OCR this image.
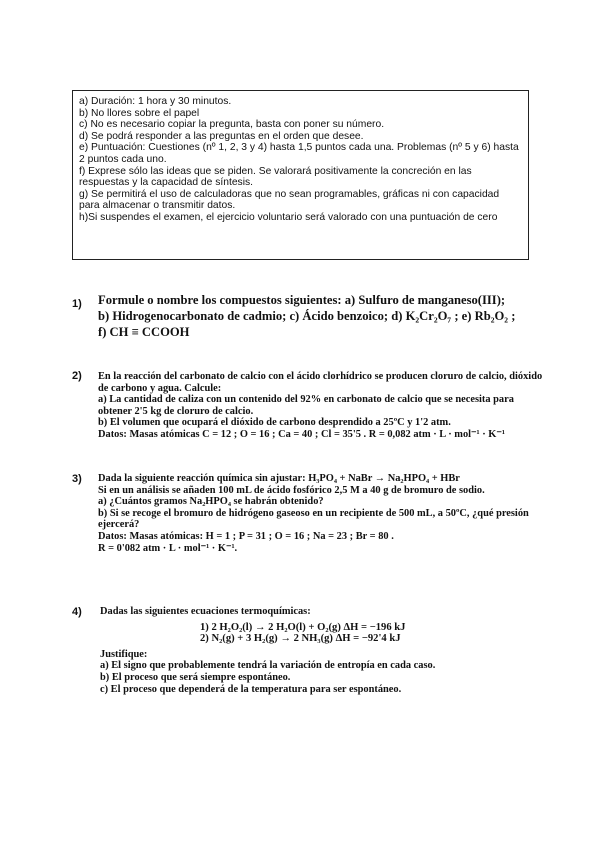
a) Duración: 1 hora y 30 minutos.

b) No llores sobre el papel

c) No es necesario copiar la pregunta, basta con poner su número.

d) Se podrá responder a las preguntas en el orden que desee.

e) Puntuación: Cuestiones (nº 1, 2, 3 y 4) hasta 1,5 puntos cada una. Problemas (nº 5 y 6) hasta 2 puntos cada uno.

f) Exprese sólo las ideas que se piden. Se valorará positivamente la concreción en las respuestas y la capacidad de síntesis.

g) Se permitirá el uso de calculadoras que no sean programables, gráficas ni con capacidad para almacenar o transmitir datos.

h)Si suspendes el examen, el ejercicio voluntario será valorado con una puntuación de cero

1) Formule o nombre los compuestos siguientes: a) Sulfuro de manganeso(III);

b) Hidrogenocarbonato de cadmio; c) Ácido benzoico; d) K₂Cr₂O₇ ; e) Rb₂O₂ ;

f) CH ≡ CCOOH

2) En la reacción del carbonato de calcio con el ácido clorhídrico se producen cloruro de calcio, dióxido de carbono y agua. Calcule:

a) La cantidad de caliza con un contenido del 92% en carbonato de calcio que se necesita para obtener 2'5 kg de cloruro de calcio.

b) El volumen que ocupará el dióxido de carbono desprendido a 25ºC y 1'2 atm.

Datos: Masas atómicas C = 12 ; O = 16 ; Ca = 40 ; Cl = 35'5 . R = 0,082 atm · L · mol⁻¹ · K⁻¹

3) Dada la siguiente reacción química sin ajustar: H₃PO₄ + NaBr → Na₂HPO₄ + HBr

Si en un análisis se añaden 100 mL de ácido fosfórico 2,5 M a 40 g de bromuro de sodio.

a) ¿Cuántos gramos Na₂HPO₄ se habrán obtenido?

b) Si se recoge el bromuro de hidrógeno gaseoso en un recipiente de 500 mL, a 50ºC, ¿qué presión ejercerá?

Datos: Masas atómicas: H = 1 ; P = 31 ; O = 16 ; Na = 23 ; Br = 80 .

R = 0'082 atm · L · mol⁻¹ · K⁻¹.

4) Dadas las siguientes ecuaciones termoquímicas:

1) 2 H₂O₂(l) → 2 H₂O(l) + O₂(g) ΔH = −196 kJ

2) N₂(g) + 3 H₂(g) → 2 NH₃(g) ΔH = −92'4 kJ

Justifique:

a) El signo que probablemente tendrá la variación de entropía en cada caso.

b) El proceso que será siempre espontáneo.

c) El proceso que dependerá de la temperatura para ser espontáneo.
